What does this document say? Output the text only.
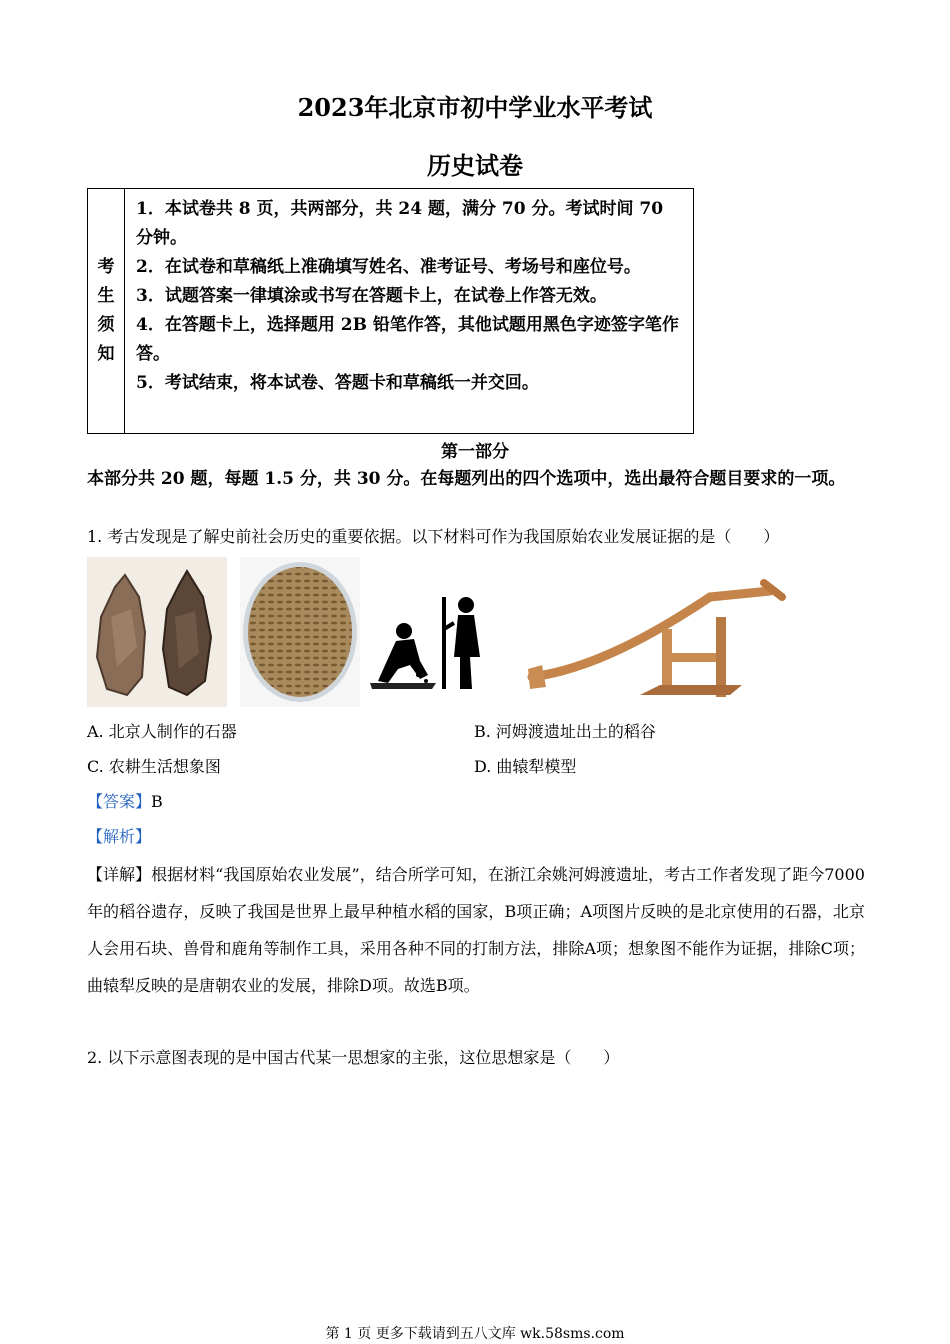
2023年北京市初中学业水平考试
历史试卷
考
生
须
知
1．本试卷共 8 页，共两部分，共 24 题，满分 70 分。考试时间 70 分钟。
2．在试卷和草稿纸上准确填写姓名、准考证号、考场号和座位号。
3．试题答案一律填涂或书写在答题卡上，在试卷上作答无效。
4．在答题卡上，选择题用 2B 铅笔作答，其他试题用黑色字迹签字笔作答。
5．考试结束，将本试卷、答题卡和草稿纸一并交回。
第一部分
本部分共 20 题，每题 1.5 分，共 30 分。在每题列出的四个选项中，选出最符合题目要求的一项。
1. 考古发现是了解史前社会历史的重要依据。以下材料可作为我国原始农业发展证据的是（　　）
A. 北京人制作的石器	B. 河姆渡遗址出土的稻谷
C. 农耕生活想象图	D. 曲辕犁模型
【答案】B
【解析】
【详解】根据材料“我国原始农业发展”，结合所学可知，在浙江余姚河姆渡遗址，考古工作者发现了距今7000年的稻谷遗存，反映了我国是世界上最早种植水稻的国家，B项正确；A项图片反映的是北京使用的石器，北京人会用石块、兽骨和鹿角等制作工具，采用各种不同的打制方法，排除A项；想象图不能作为证据，排除C项；曲辕犁反映的是唐朝农业的发展，排除D项。故选B项。
2. 以下示意图表现的是中国古代某一思想家的主张，这位思想家是（　　）
第 1 页 更多下载请到五八文库 wk.58sms.com
